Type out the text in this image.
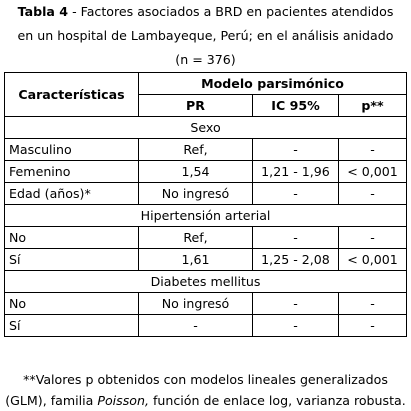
Tabla 4 - Factores asociados a BRD en pacientes atendidos
en un hospital de Lambayeque, Perú; en el análisis anidado
(n = 376)
Características	Modelo parsimónico		
	PR	IC 95%	p**
Sexo			
Masculino	Ref,	-	-
Femenino	1,54	1,21 - 1,96	< 0,001
Edad (años)*	No ingresó	-	-
Hipertensión arterial			
No	Ref,	-	-
Sí	1,61	1,25 - 2,08	< 0,001
Diabetes mellitus			
No	No ingresó	-	-
Sí	-	-	-
**Valores p obtenidos con modelos lineales generalizados
(GLM), familia Poisson, función de enlace log, varianza robusta.
